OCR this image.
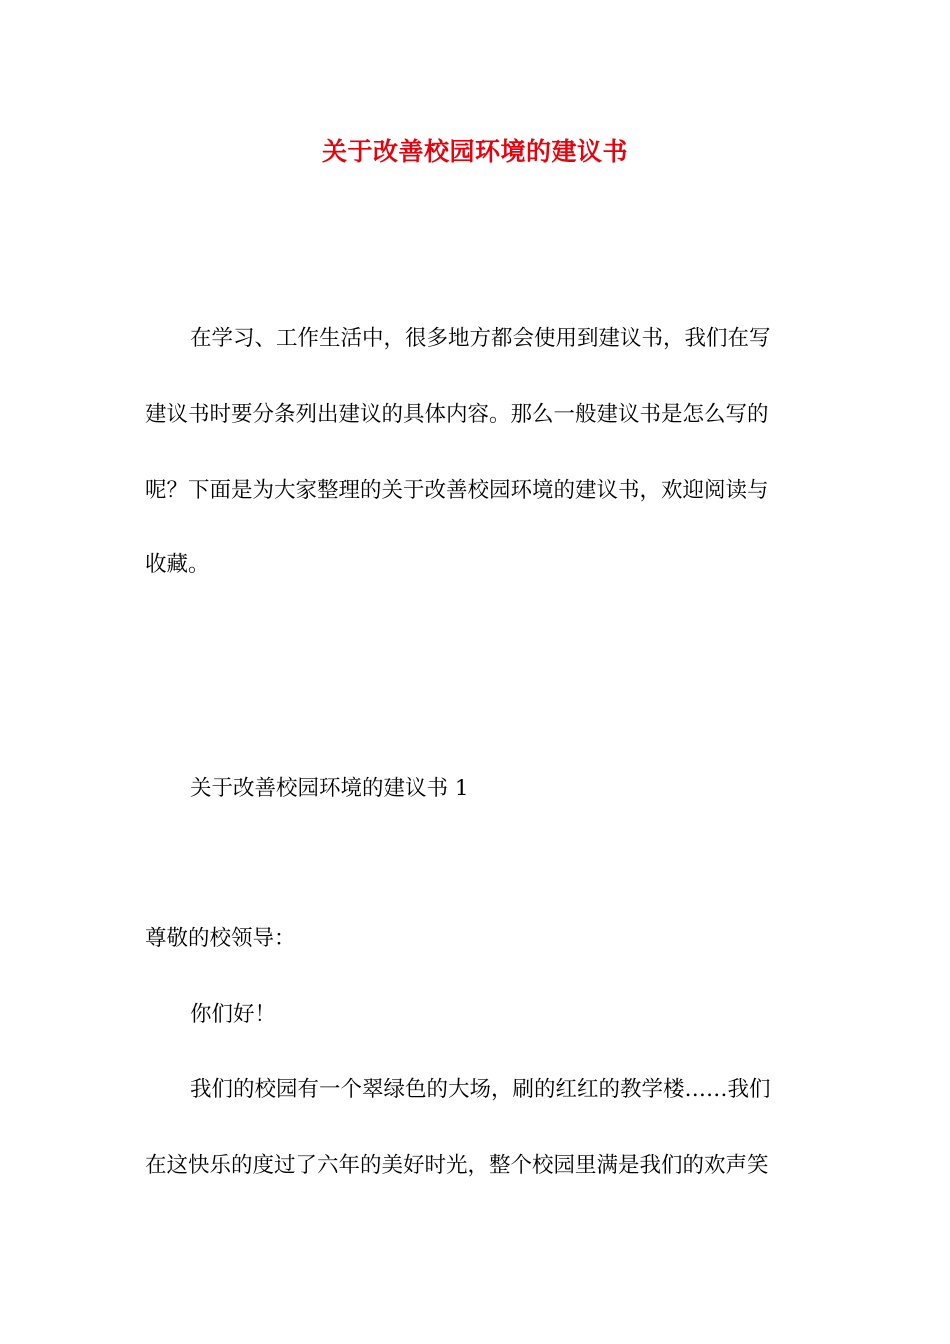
关于改善校园环境的建议书
在学习、工作生活中，很多地方都会使用到建议书，我们在写
建议书时要分条列出建议的具体内容。那么一般建议书是怎么写的
呢？下面是为大家整理的关于改善校园环境的建议书，欢迎阅读与
收藏。
关于改善校园环境的建议书 1
尊敬的校领导：
你们好！
我们的校园有一个翠绿色的大场，刷的红红的教学楼……我们
在这快乐的度过了六年的美好时光，整个校园里满是我们的欢声笑
